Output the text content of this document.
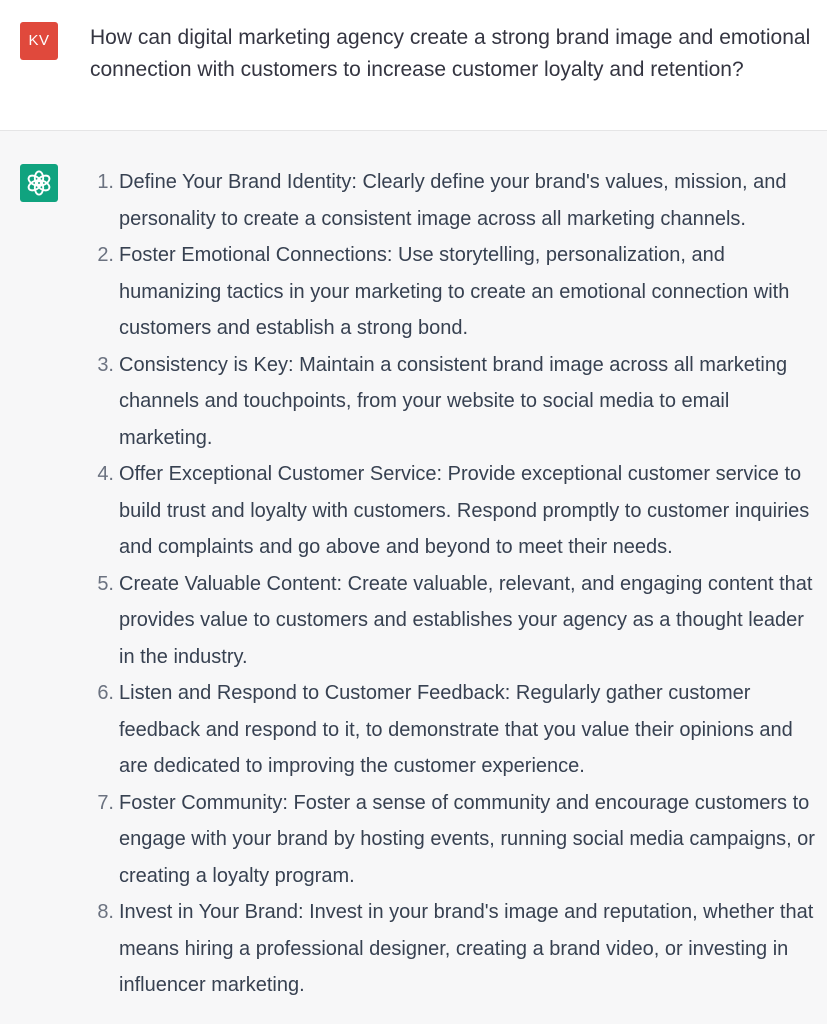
KV	How can digital marketing agency create a strong brand image and emotional connection with customers to increase customer loyalty and retention?

1. Define Your Brand Identity: Clearly define your brand's values, mission, and personality to create a consistent image across all marketing channels.
2. Foster Emotional Connections: Use storytelling, personalization, and humanizing tactics in your marketing to create an emotional connection with customers and establish a strong bond.
3. Consistency is Key: Maintain a consistent brand image across all marketing channels and touchpoints, from your website to social media to email marketing.
4. Offer Exceptional Customer Service: Provide exceptional customer service to build trust and loyalty with customers. Respond promptly to customer inquiries and complaints and go above and beyond to meet their needs.
5. Create Valuable Content: Create valuable, relevant, and engaging content that provides value to customers and establishes your agency as a thought leader in the industry.
6. Listen and Respond to Customer Feedback: Regularly gather customer feedback and respond to it, to demonstrate that you value their opinions and are dedicated to improving the customer experience.
7. Foster Community: Foster a sense of community and encourage customers to engage with your brand by hosting events, running social media campaigns, or creating a loyalty program.
8. Invest in Your Brand: Invest in your brand's image and reputation, whether that means hiring a professional designer, creating a brand video, or investing in influencer marketing.
